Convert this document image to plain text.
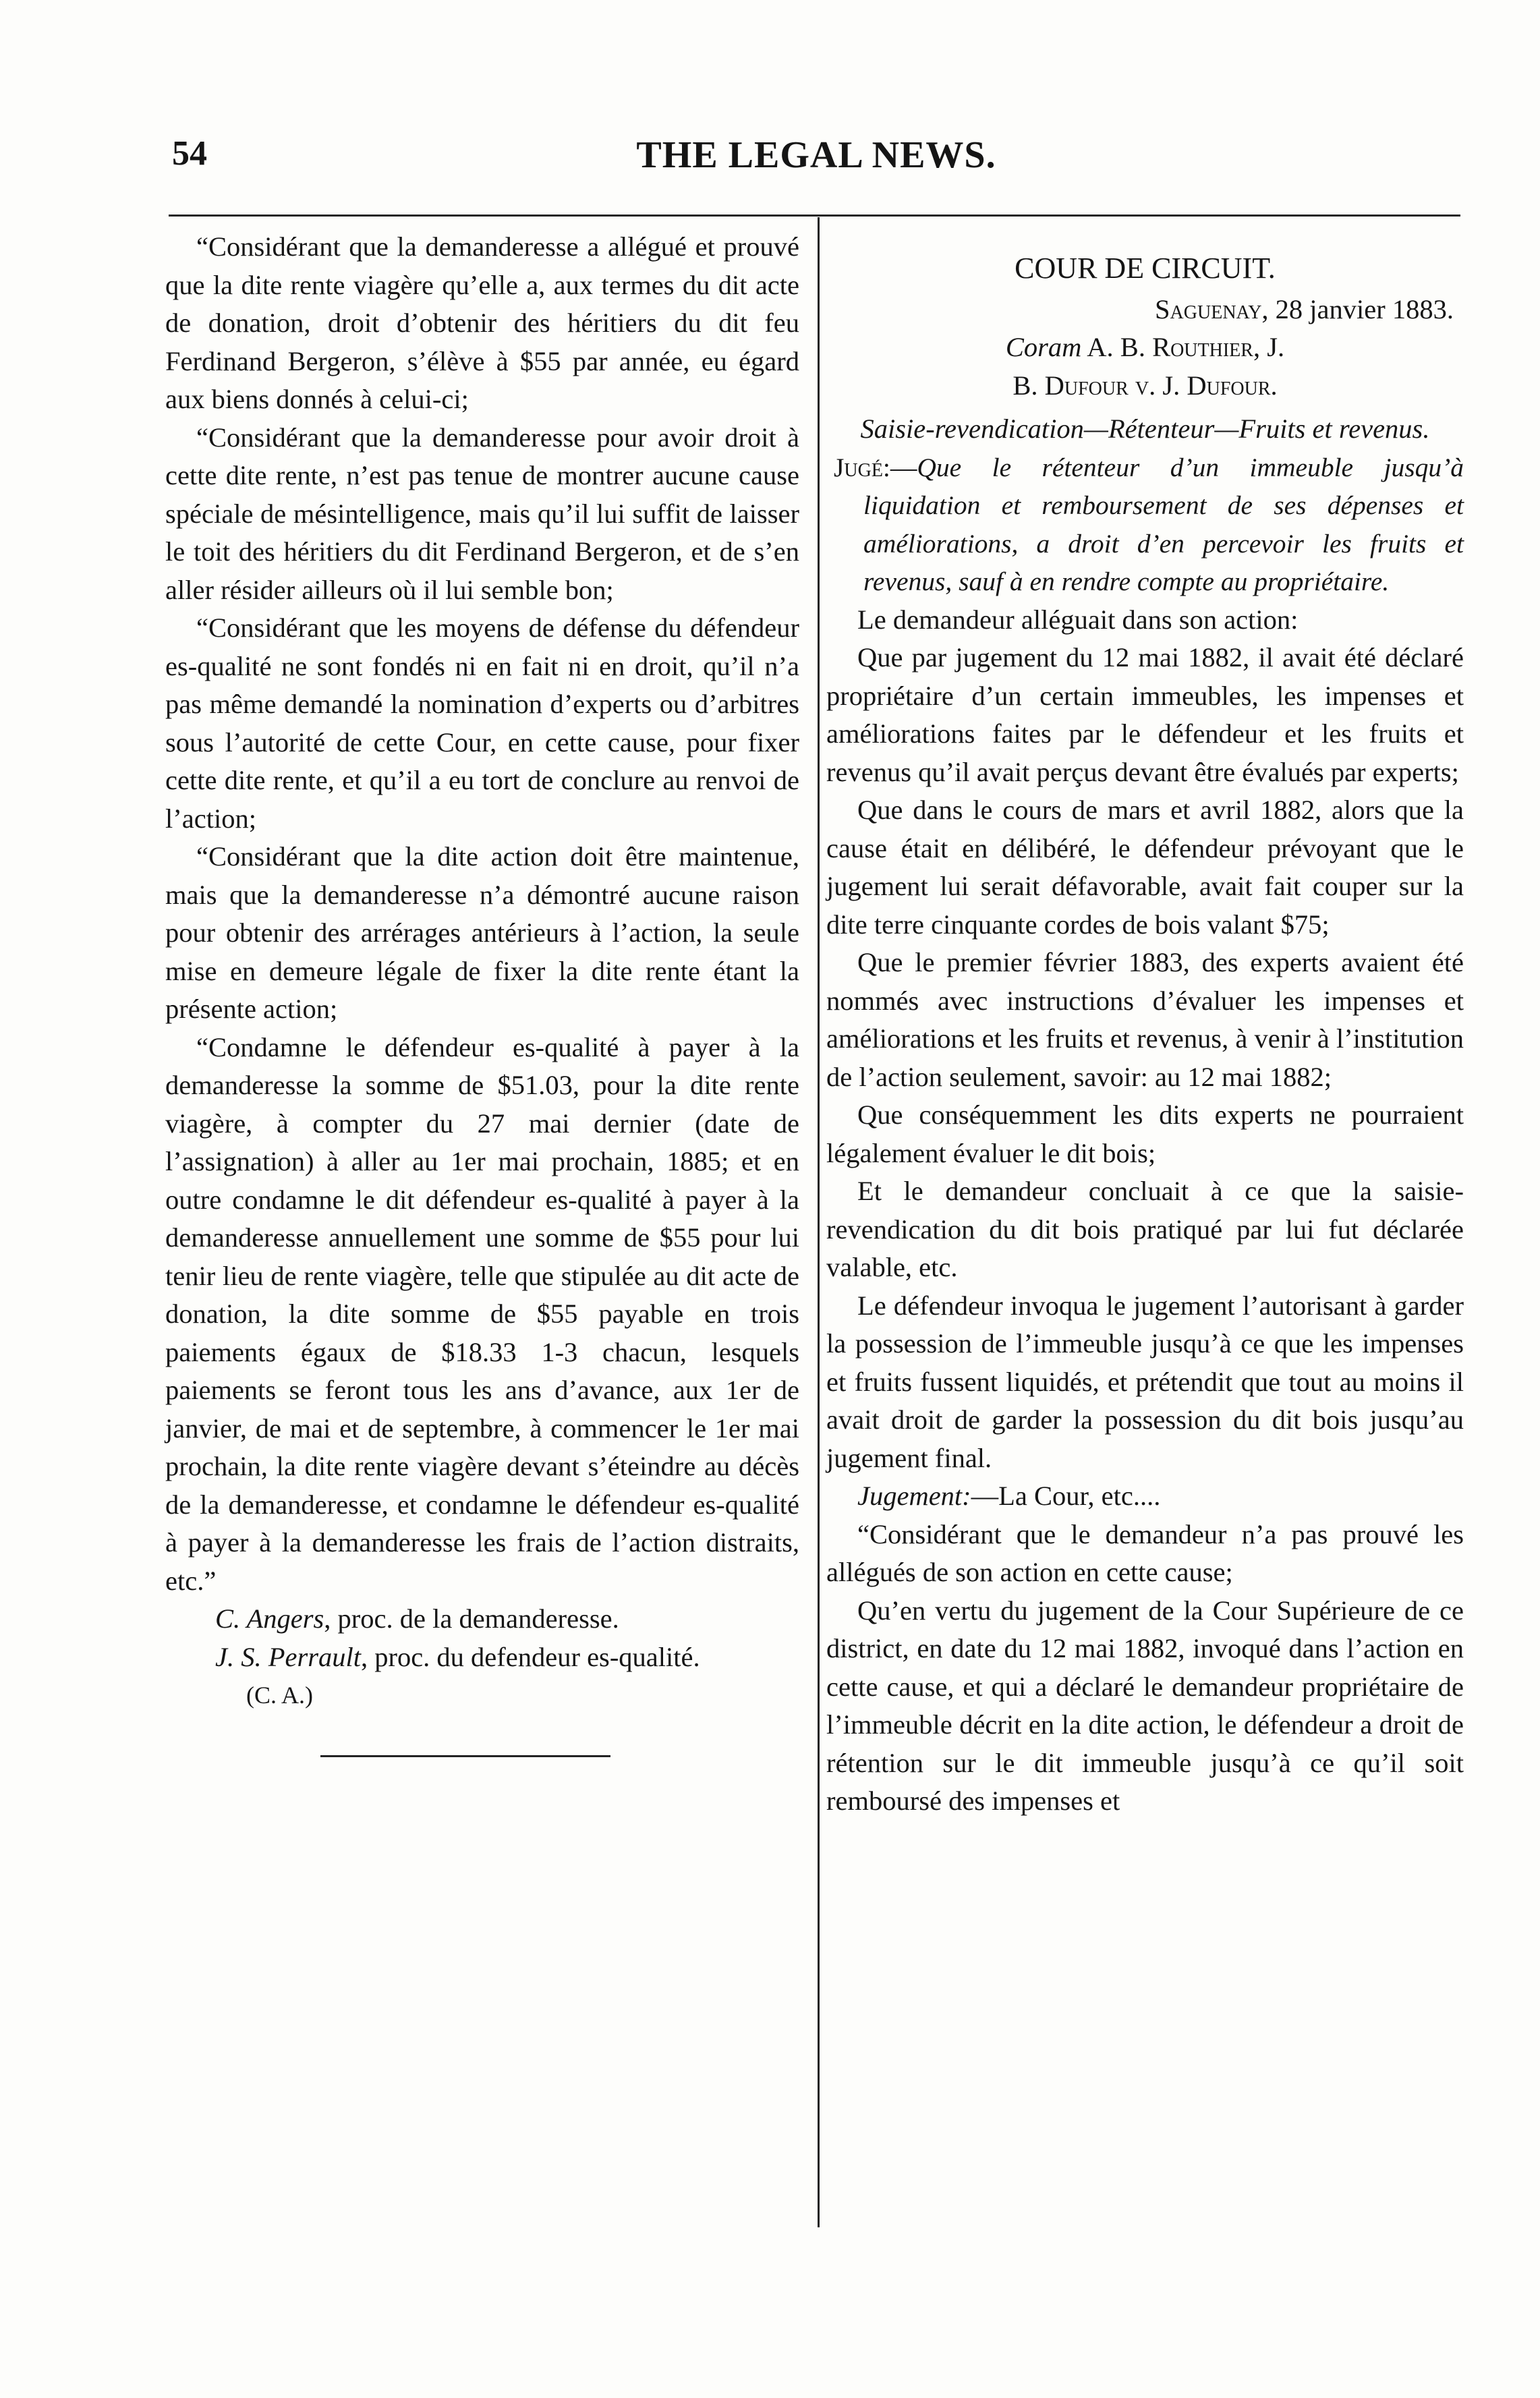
54	THE LEGAL NEWS.

“Considérant que la demanderesse a allégué et prouvé que la dite rente viagère qu’elle a, aux termes du dit acte de donation, droit d’obtenir des héritiers du dit feu Ferdinand Bergeron, s’élève à $55 par année, eu égard aux biens donnés à celui-ci;

“Considérant que la demanderesse pour avoir droit à cette dite rente, n’est pas tenue de montrer aucune cause spéciale de mésintelligence, mais qu’il lui suffit de laisser le toit des héritiers du dit Ferdinand Bergeron, et de s’en aller résider ailleurs où il lui semble bon;

“Considérant que les moyens de défense du défendeur es-qualité ne sont fondés ni en fait ni en droit, qu’il n’a pas même demandé la nomination d’experts ou d’arbitres sous l’autorité de cette Cour, en cette cause, pour fixer cette dite rente, et qu’il a eu tort de conclure au renvoi de l’action;

“Considérant que la dite action doit être maintenue, mais que la demanderesse n’a démontré aucune raison pour obtenir des arrérages antérieurs à l’action, la seule mise en demeure légale de fixer la dite rente étant la présente action;

“Condamne le défendeur es-qualité à payer à la demanderesse la somme de $51.03, pour la dite rente viagère, à compter du 27 mai dernier (date de l’assignation) à aller au 1er mai prochain, 1885; et en outre condamne le dit défendeur es-qualité à payer à la demanderesse annuellement une somme de $55 pour lui tenir lieu de rente viagère, telle que stipulée au dit acte de donation, la dite somme de $55 payable en trois paiements égaux de $18.33 1-3 chacun, lesquels paiements se feront tous les ans d’avance, aux 1er de janvier, de mai et de septembre, à commencer le 1er mai prochain, la dite rente viagère devant s’éteindre au décès de la demanderesse, et condamne le défendeur es-qualité à payer à la demanderesse les frais de l’action distraits, etc.”

C. Angers, proc. de la demanderesse.

J. S. Perrault, proc. du defendeur es-qualité.

(C. A.)

COUR DE CIRCUIT.
Saguenay, 28 janvier 1883.
Coram A. B. Routhier, J.
B. Dufour v. J. Dufour.
Saisie-revendication—Rétenteur—Fruits et revenus.

Jugé:—Que le rétenteur d’un immeuble jusqu’à liquidation et remboursement de ses dépenses et améliorations, a droit d’en percevoir les fruits et revenus, sauf à en rendre compte au propriétaire.

Le demandeur alléguait dans son action:

Que par jugement du 12 mai 1882, il avait été déclaré propriétaire d’un certain immeubles, les impenses et améliorations faites par le défendeur et les fruits et revenus qu’il avait perçus devant être évalués par experts;

Que dans le cours de mars et avril 1882, alors que la cause était en délibéré, le défendeur prévoyant que le jugement lui serait défavorable, avait fait couper sur la dite terre cinquante cordes de bois valant $75;

Que le premier février 1883, des experts avaient été nommés avec instructions d’évaluer les impenses et améliorations et les fruits et revenus, à venir à l’institution de l’action seulement, savoir: au 12 mai 1882;

Que conséquemment les dits experts ne pourraient légalement évaluer le dit bois;

Et le demandeur concluait à ce que la saisie-revendication du dit bois pratiqué par lui fut déclarée valable, etc.

Le défendeur invoqua le jugement l’autorisant à garder la possession de l’immeuble jusqu’à ce que les impenses et fruits fussent liquidés, et prétendit que tout au moins il avait droit de garder la possession du dit bois jusqu’au jugement final.

Jugement:—La Cour, etc....

“Considérant que le demandeur n’a pas prouvé les allégués de son action en cette cause;

Qu’en vertu du jugement de la Cour Supérieure de ce district, en date du 12 mai 1882, invoqué dans l’action en cette cause, et qui a déclaré le demandeur propriétaire de l’immeuble décrit en la dite action, le défendeur a droit de rétention sur le dit immeuble jusqu’à ce qu’il soit remboursé des impenses et
